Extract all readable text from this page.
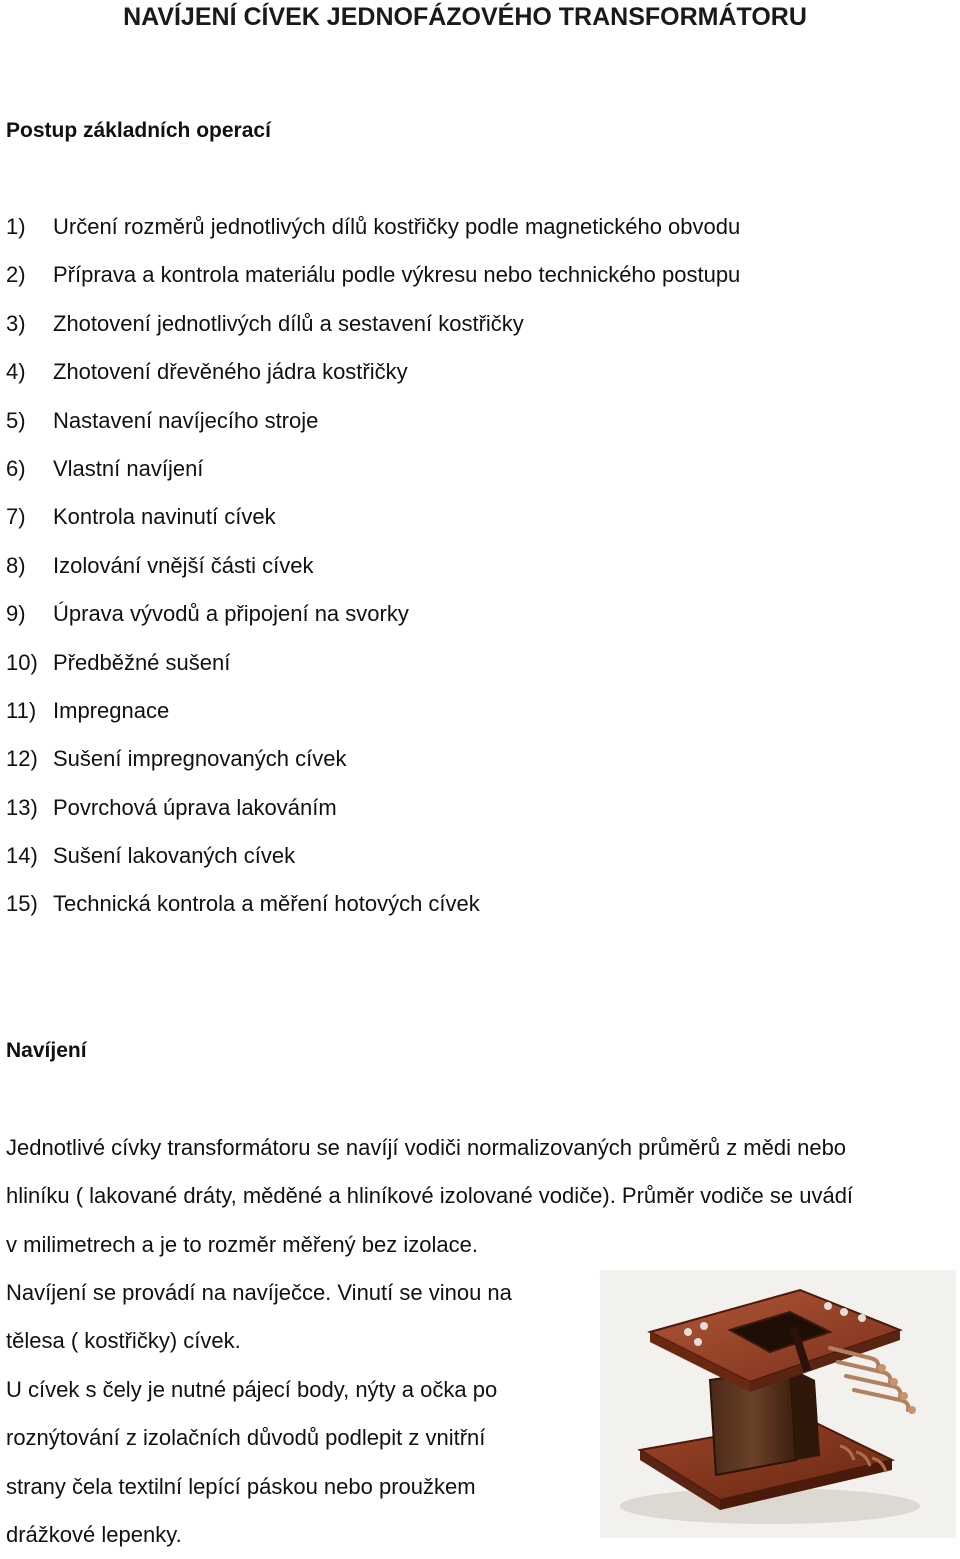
NAVÍJENÍ CÍVEK JEDNOFÁZOVÉHO TRANSFORMÁTORU
Postup základních operací
1) Určení rozměrů jednotlivých dílů kostřičky podle magnetického obvodu
2) Příprava a kontrola materiálu podle výkresu nebo technického postupu
3) Zhotovení jednotlivých dílů a sestavení kostřičky
4) Zhotovení dřevěného jádra kostřičky
5) Nastavení navíjecího stroje
6) Vlastní navíjení
7) Kontrola navinutí cívek
8) Izolování vnější části cívek
9) Úprava vývodů a připojení na svorky
10) Předběžné sušení
11) Impregnace
12) Sušení impregnovaných cívek
13) Povrchová úprava lakováním
14) Sušení lakovaných cívek
15) Technická kontrola a měření hotových cívek
Navíjení
Jednotlivé cívky transformátoru se navíjí vodiči normalizovaných průměrů z mědi nebo
hliníku ( lakované dráty, měděné a hliníkové izolované vodiče). Průměr vodiče se uvádí
v milimetrech a je to rozměr měřený bez izolace.
Navíjení se provádí na navíječce. Vinutí se vinou na
tělesa ( kostřičky) cívek.
U cívek s čely je nutné pájecí body, nýty a očka po
roznýtování z izolačních důvodů podlepit z vnitřní
strany čela textilní lepící páskou nebo proužkem
drážkové lepenky.
